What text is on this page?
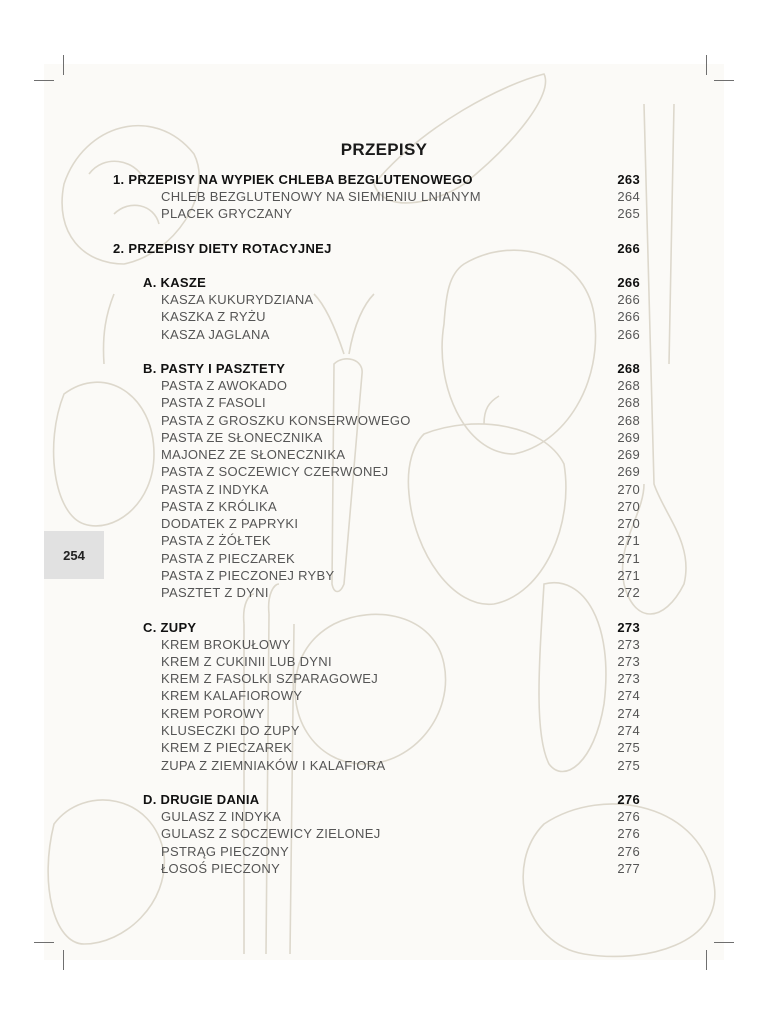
254
PRZEPISY
1. PRZEPISY NA WYPIEK CHLEBA BEZGLUTENOWEGO	263
CHLEB BEZGLUTENOWY NA SIEMIENIU LNIANYM	264
PLACEK GRYCZANY	265
2. PRZEPISY DIETY ROTACYJNEJ	266
A. KASZE	266
KASZA KUKURYDZIANA	266
KASZKA Z RYŻU	266
KASZA JAGLANA	266
B. PASTY I PASZTETY	268
PASTA Z AWOKADO	268
PASTA Z FASOLI	268
PASTA Z GROSZKU KONSERWOWEGO	268
PASTA ZE SŁONECZNIKA	269
MAJONEZ ZE SŁONECZNIKA	269
PASTA Z SOCZEWICY CZERWONEJ	269
PASTA Z INDYKA	270
PASTA Z KRÓLIKA	270
DODATEK Z PAPRYKI	270
PASTA Z ŻÓŁTEK	271
PASTA Z PIECZAREK	271
PASTA Z PIECZONEJ RYBY	271
PASZTET Z DYNI	272
C. ZUPY	273
KREM BROKUŁOWY	273
KREM Z CUKINII LUB DYNI	273
KREM Z FASOLKI SZPARAGOWEJ	273
KREM KALAFIOROWY	274
KREM POROWY	274
KLUSECZKI DO ZUPY	274
KREM Z PIECZAREK	275
ZUPA Z ZIEMNIAKÓW I KALAFIORA	275
D. DRUGIE DANIA	276
GULASZ Z INDYKA	276
GULASZ Z SOCZEWICY ZIELONEJ	276
PSTRĄG PIECZONY	276
ŁOSOŚ PIECZONY	277
